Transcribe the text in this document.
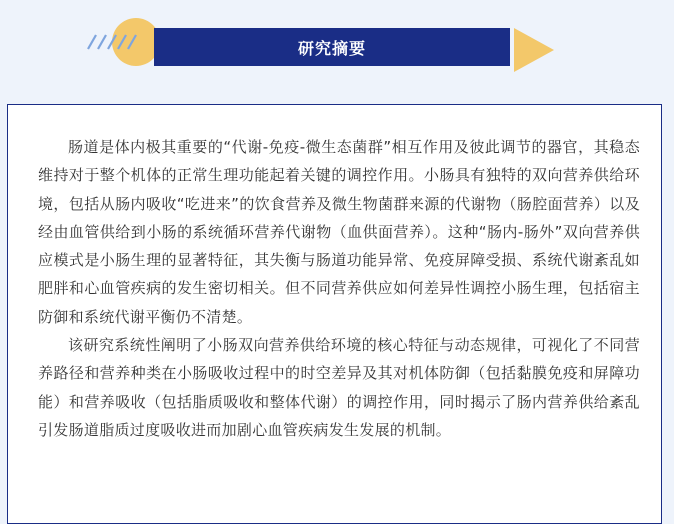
研究摘要

肠道是体内极其重要的“代谢-免疫-微生态菌群”相互作用及彼此调节的器官，其稳态维持对于整个机体的正常生理功能起着关键的调控作用。小肠具有独特的双向营养供给环境，包括从肠内吸收“吃进来”的饮食营养及微生物菌群来源的代谢物（肠腔面营养）以及经由血管供给到小肠的系统循环营养代谢物（血供面营养）。这种“肠内-肠外”双向营养供应模式是小肠生理的显著特征，其失衡与肠道功能异常、免疫屏障受损、系统代谢紊乱如肥胖和心血管疾病的发生密切相关。但不同营养供应如何差异性调控小肠生理，包括宿主防御和系统代谢平衡仍不清楚。

该研究系统性阐明了小肠双向营养供给环境的核心特征与动态规律，可视化了不同营养路径和营养种类在小肠吸收过程中的时空差异及其对机体防御（包括黏膜免疫和屏障功能）和营养吸收（包括脂质吸收和整体代谢）的调控作用，同时揭示了肠内营养供给紊乱引发肠道脂质过度吸收进而加剧心血管疾病发生发展的机制。
